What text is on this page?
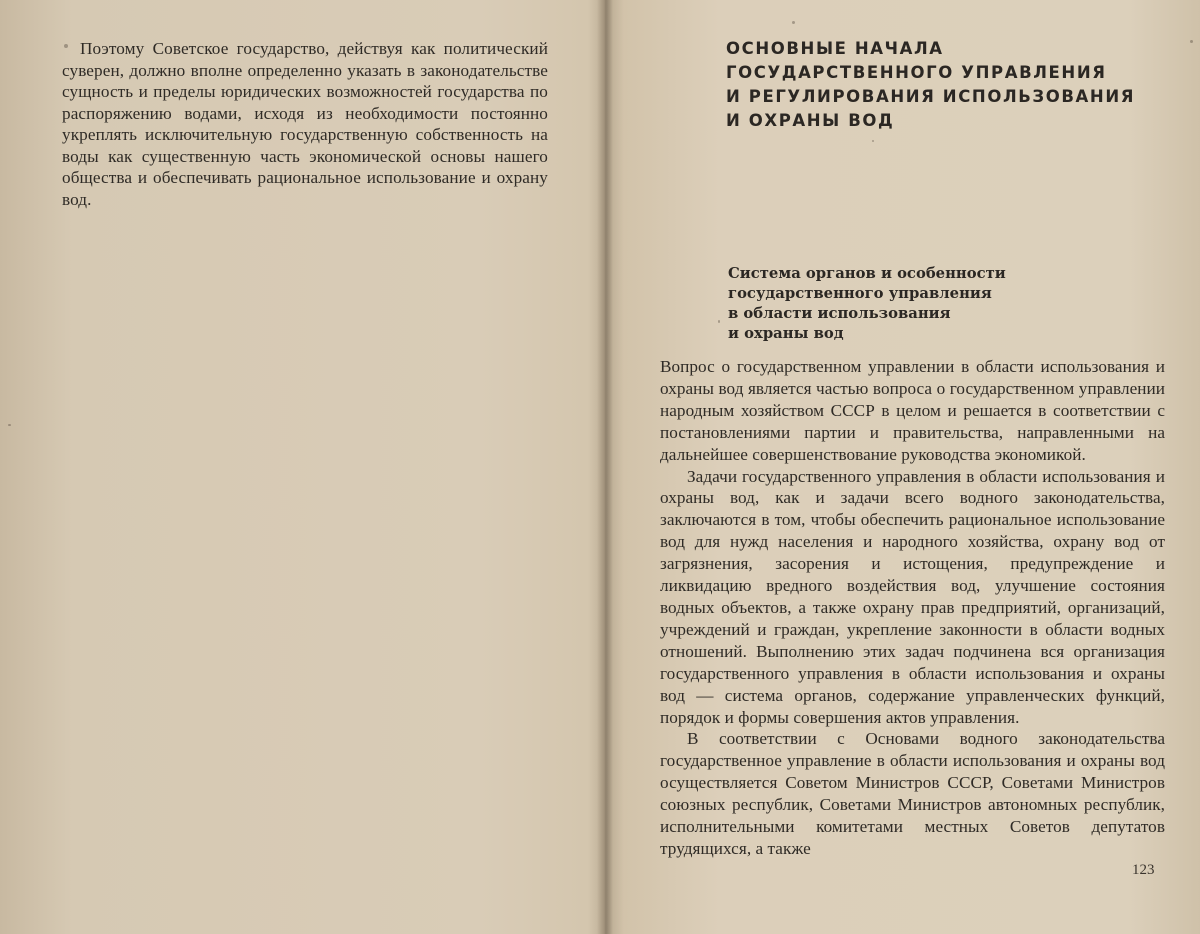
Поэтому Советское государство, действуя как политический суверен, должно вполне определенно указать в законодательстве сущность и пределы юридических возможностей государства по распоряжению водами, исходя из необходимости постоянно укреплять исключительную государственную собственность на воды как существенную часть экономической основы нашего общества и обеспечивать рациональное использование и охрану вод.

ОСНОВНЫЕ НАЧАЛА
ГОСУДАРСТВЕННОГО УПРАВЛЕНИЯ
И РЕГУЛИРОВАНИЯ ИСПОЛЬЗОВАНИЯ
И ОХРАНЫ ВОД
Система органов и особенности
государственного управления
в области использования
и охраны вод

Вопрос о государственном управлении в области использования и охраны вод является частью вопроса о государственном управлении народным хозяйством СССР в целом и решается в соответствии с постановлениями партии и правительства, направленными на дальнейшее совершенствование руководства экономикой.

Задачи государственного управления в области использования и охраны вод, как и задачи всего водного законодательства, заключаются в том, чтобы обеспечить рациональное использование вод для нужд населения и народного хозяйства, охрану вод от загрязнения, засорения и истощения, предупреждение и ликвидацию вредного воздействия вод, улучшение состояния водных объектов, а также охрану прав предприятий, организаций, учреждений и граждан, укрепление законности в области водных отношений. Выполнению этих задач подчинена вся организация государственного управления в области использования и охраны вод — система органов, содержание управленческих функций, порядок и формы совершения актов управления.

В соответствии с Основами водного законодательства государственное управление в области использования и охраны вод осуществляется Советом Министров СССР, Советами Министров союзных республик, Советами Министров автономных республик, исполнительными комитетами местных Советов депутатов трудящихся, а также

123
